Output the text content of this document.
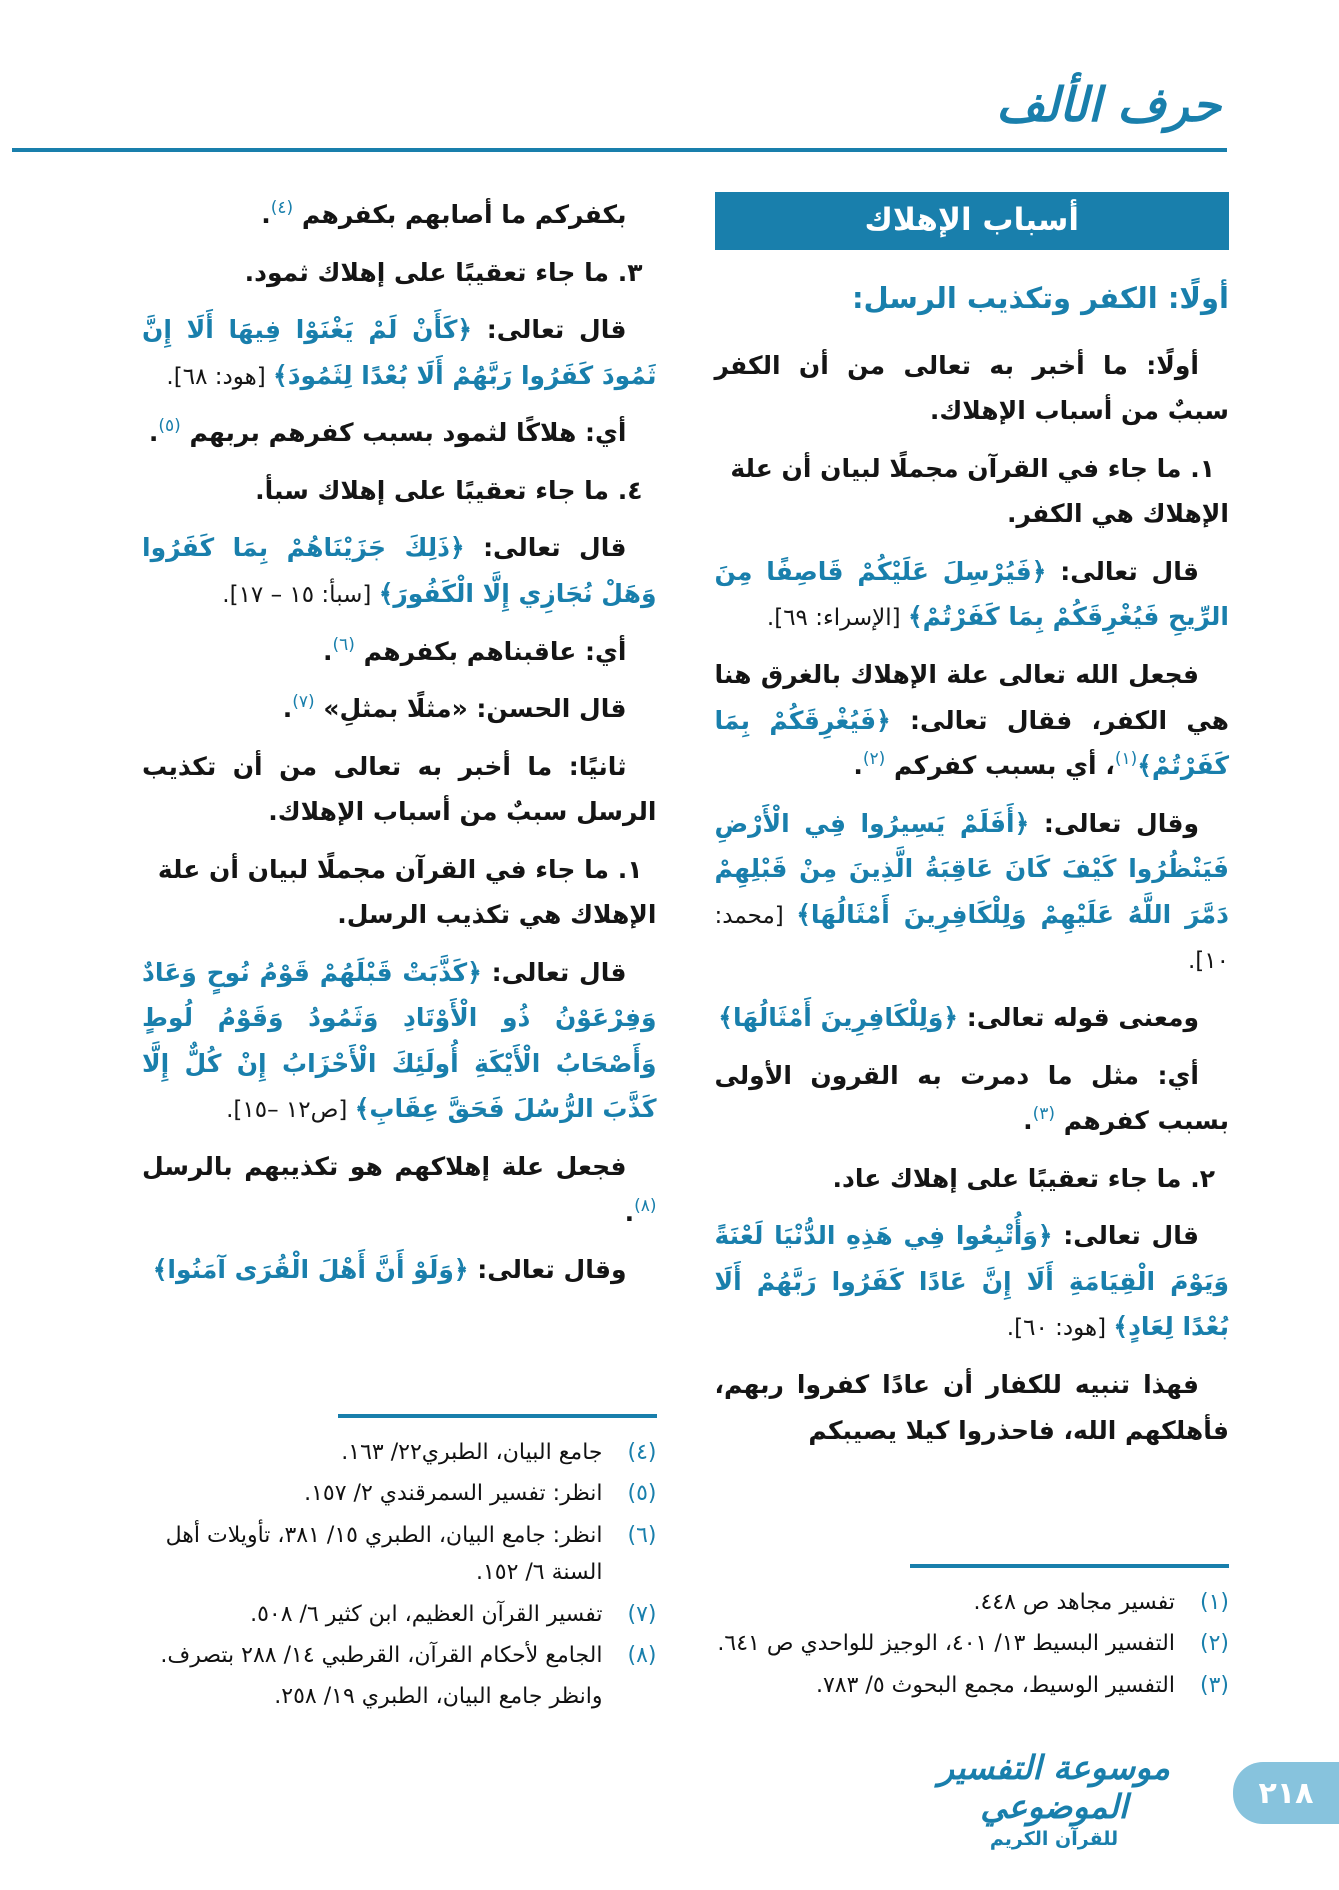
حرف الألف
أسباب الإهلاك

أولًا: الكفر وتكذيب الرسل:

أولًا: ما أخبر به تعالى من أن الكفر سببٌ من أسباب الإهلاك.

١. ما جاء في القرآن مجملًا لبيان أن علة الإهلاك هي الكفر.

قال تعالى: ﴿فَيُرْسِلَ عَلَيْكُمْ قَاصِفًا مِنَ الرِّيحِ فَيُغْرِقَكُمْ بِمَا كَفَرْتُمْ﴾ [الإسراء: ٦٩].

فجعل الله تعالى علة الإهلاك بالغرق هنا هي الكفر، فقال تعالى: ﴿فَيُغْرِقَكُمْ بِمَا كَفَرْتُمْ﴾$^{(١)}$، أي بسبب كفركم $^{(٢)}$.

وقال تعالى: ﴿أَفَلَمْ يَسِيرُوا فِي الْأَرْضِ فَيَنْظُرُوا كَيْفَ كَانَ عَاقِبَةُ الَّذِينَ مِنْ قَبْلِهِمْ دَمَّرَ اللَّهُ عَلَيْهِمْ وَلِلْكَافِرِينَ أَمْثَالُهَا﴾ [محمد: ١٠].

ومعنى قوله تعالى: ﴿وَلِلْكَافِرِينَ أَمْثَالُهَا﴾

أي: مثل ما دمرت به القرون الأولى بسبب كفرهم $^{(٣)}$.

٢. ما جاء تعقيبًا على إهلاك عاد.

قال تعالى: ﴿وَأُتْبِعُوا فِي هَذِهِ الدُّنْيَا لَعْنَةً وَيَوْمَ الْقِيَامَةِ أَلَا إِنَّ عَادًا كَفَرُوا رَبَّهُمْ أَلَا بُعْدًا لِعَادٍ﴾ [هود: ٦٠].

فهذا تنبيه للكفار أن عادًا كفروا ربهم، فأهلكهم الله، فاحذروا كيلا يصيبكم

(١)
تفسير مجاهد ص ٤٤٨.
(٢)
التفسير البسيط ١٣/ ٤٠١، الوجيز للواحدي ص ٦٤١.
(٣)
التفسير الوسيط، مجمع البحوث ٥/ ٧٨٣.

بكفركم ما أصابهم بكفرهم $^{(٤)}$.

٣. ما جاء تعقيبًا على إهلاك ثمود.

قال تعالى: ﴿كَأَنْ لَمْ يَغْنَوْا فِيهَا أَلَا إِنَّ ثَمُودَ كَفَرُوا رَبَّهُمْ أَلَا بُعْدًا لِثَمُودَ﴾ [هود: ٦٨].

أي: هلاكًا لثمود بسبب كفرهم بربهم $^{(٥)}$.

٤. ما جاء تعقيبًا على إهلاك سبأ.

قال تعالى: ﴿ذَلِكَ جَزَيْنَاهُمْ بِمَا كَفَرُوا وَهَلْ نُجَازِي إِلَّا الْكَفُورَ﴾ [سبأ: ١٥ – ١٧].

أي: عاقبناهم بكفرهم $^{(٦)}$.

قال الحسن: «مثلًا بمثلِ» $^{(٧)}$.

ثانيًا: ما أخبر به تعالى من أن تكذيب الرسل سببٌ من أسباب الإهلاك.

١. ما جاء في القرآن مجملًا لبيان أن علة الإهلاك هي تكذيب الرسل.

قال تعالى: ﴿كَذَّبَتْ قَبْلَهُمْ قَوْمُ نُوحٍ وَعَادٌ وَفِرْعَوْنُ ذُو الْأَوْتَادِ وَثَمُودُ وَقَوْمُ لُوطٍ وَأَصْحَابُ الْأَيْكَةِ أُولَئِكَ الْأَحْزَابُ إِنْ كُلٌّ إِلَّا كَذَّبَ الرُّسُلَ فَحَقَّ عِقَابِ﴾ [ص١٢ –١٥].

فجعل علة إهلاكهم هو تكذيبهم بالرسل $^{(٨)}$.

وقال تعالى: ﴿وَلَوْ أَنَّ أَهْلَ الْقُرَى آمَنُوا﴾

(٤)
جامع البيان، الطبري٢٢/ ١٦٣.
(٥)
انظر: تفسير السمرقندي ٢/ ١٥٧.
(٦)
انظر: جامع البيان، الطبري ١٥/ ٣٨١، تأويلات أهل السنة ٦/ ١٥٢.
(٧)
تفسير القرآن العظيم، ابن كثير ٦/ ٥٠٨.
(٨)
الجامع لأحكام القرآن، القرطبي ١٤/ ٢٨٨ بتصرف.
وانظر جامع البيان، الطبري ١٩/ ٢٥٨.
موسوعة التفسير الموضوعي
للقرآن الكريم
٢١٨
